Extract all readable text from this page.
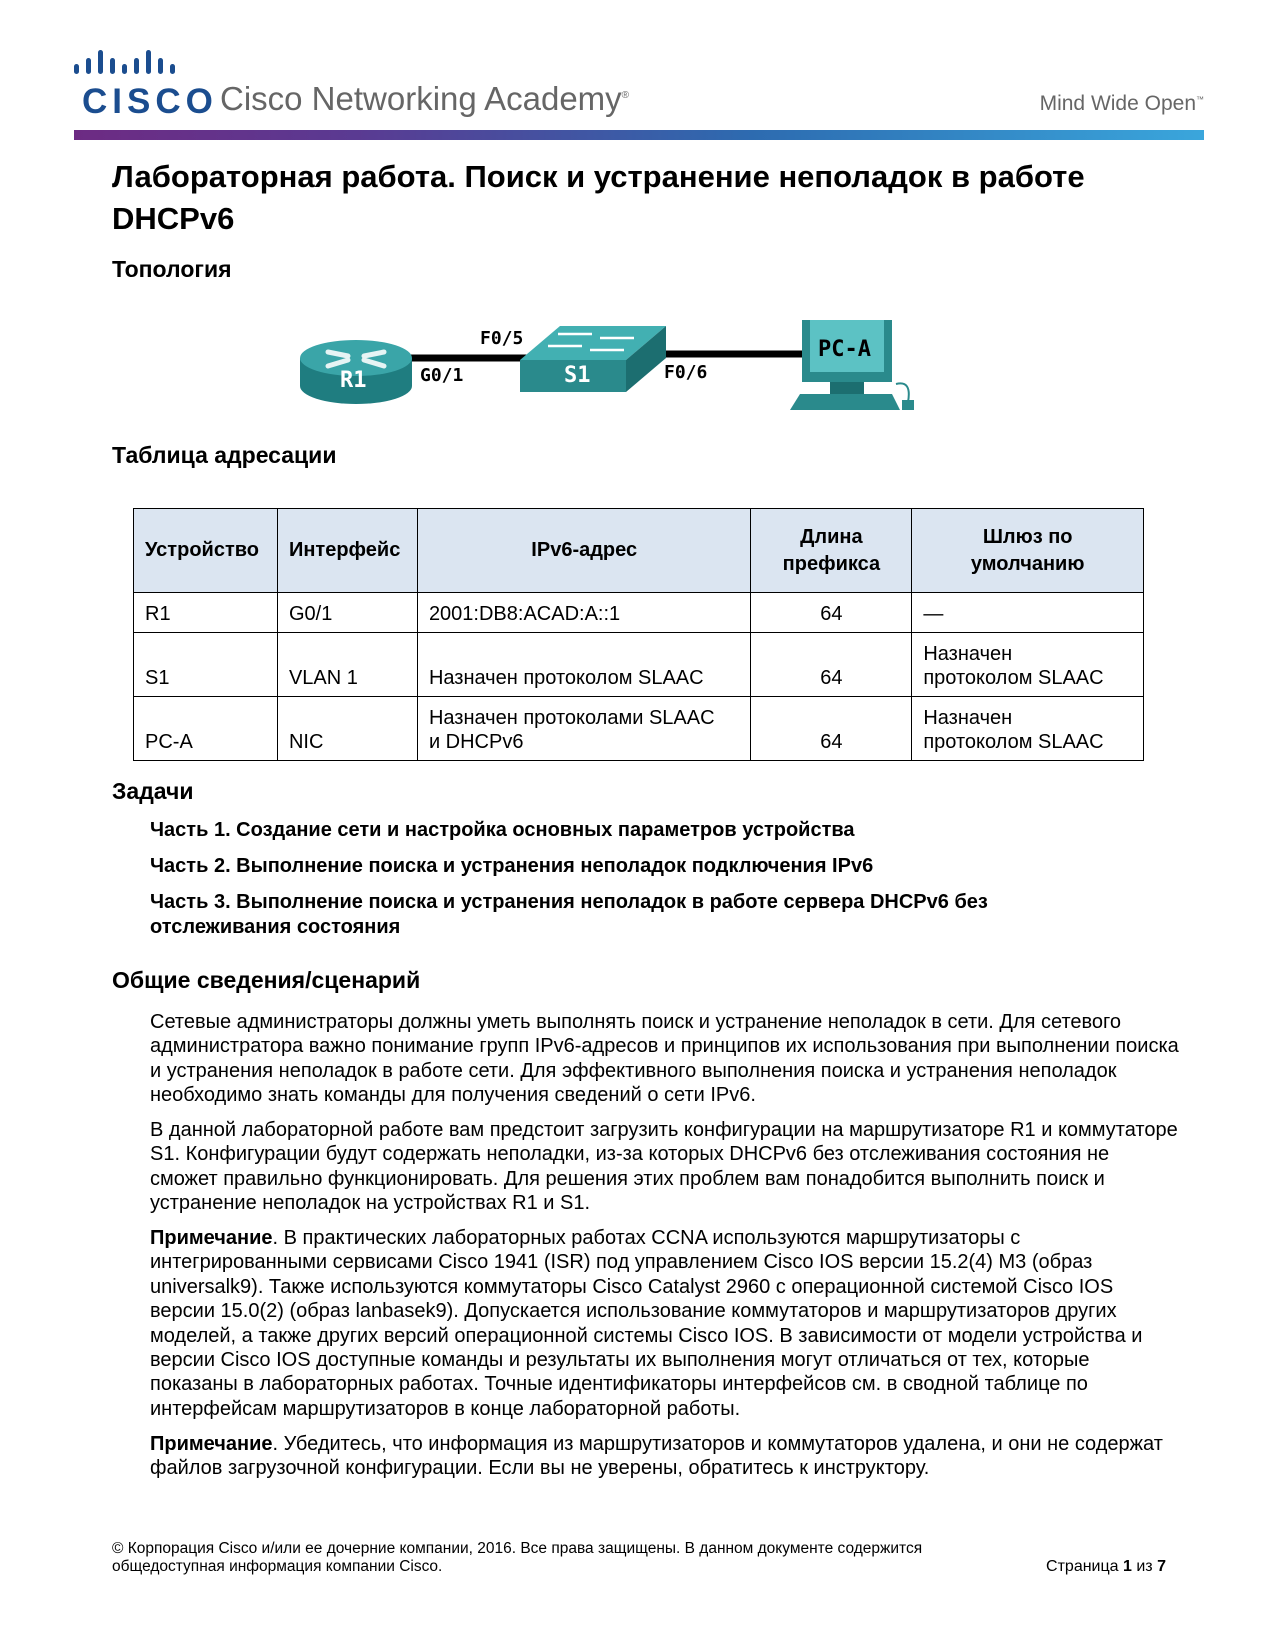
CISCO Cisco Networking Academy®	Mind Wide Open™
Лабораторная работа. Поиск и устранение неполадок в работе DHCPv6
Топология
R1	G0/1	S1
F0/5
F0/6
PC-A
Таблица адресации
Устройство	Интерфейс	IPv6-адрес	Длина
префикса	Шлюз по
умолчанию
R1	G0/1	2001:DB8:ACAD:A::1	64	—
S1	VLAN 1	Назначен протоколом SLAAC	64	Назначен
протоколом SLAAC
PC-A	NIC	Назначен протоколами SLAAC
и DHCPv6	64	Назначен
протоколом SLAAC
Задачи
Часть 1. Создание сети и настройка основных параметров устройства
Часть 2. Выполнение поиска и устранения неполадок подключения IPv6
Часть 3. Выполнение поиска и устранения неполадок в работе сервера DHCPv6 без отслеживания состояния
Общие сведения/сценарий

Сетевые администраторы должны уметь выполнять поиск и устранение неполадок в сети. Для сетевого администратора важно понимание групп IPv6-адресов и принципов их использования при выполнении поиска и устранения неполадок в работе сети. Для эффективного выполнения поиска и устранения неполадок необходимо знать команды для получения сведений о сети IPv6.

В данной лабораторной работе вам предстоит загрузить конфигурации на маршрутизаторе R1 и коммутаторе S1. Конфигурации будут содержать неполадки, из-за которых DHCPv6 без отслеживания состояния не сможет правильно функционировать. Для решения этих проблем вам понадобится выполнить поиск и устранение неполадок на устройствах R1 и S1.

Примечание. В практических лабораторных работах CCNA используются маршрутизаторы с интегрированными сервисами Cisco 1941 (ISR) под управлением Cisco IOS версии 15.2(4) M3 (образ universalk9). Также используются коммутаторы Cisco Catalyst 2960 с операционной системой Cisco IOS версии 15.0(2) (образ lanbasek9). Допускается использование коммутаторов и маршрутизаторов других моделей, а также других версий операционной системы Cisco IOS. В зависимости от модели устройства и версии Cisco IOS доступные команды и результаты их выполнения могут отличаться от тех, которые показаны в лабораторных работах. Точные идентификаторы интерфейсов см. в сводной таблице по интерфейсам маршрутизаторов в конце лабораторной работы.

Примечание. Убедитесь, что информация из маршрутизаторов и коммутаторов удалена, и они не содержат файлов загрузочной конфигурации. Если вы не уверены, обратитесь к инструктору.

© Корпорация Cisco и/или ее дочерние компании, 2016. Все права защищены. В данном документе содержится общедоступная информация компании Cisco.	Страница 1 из 7
